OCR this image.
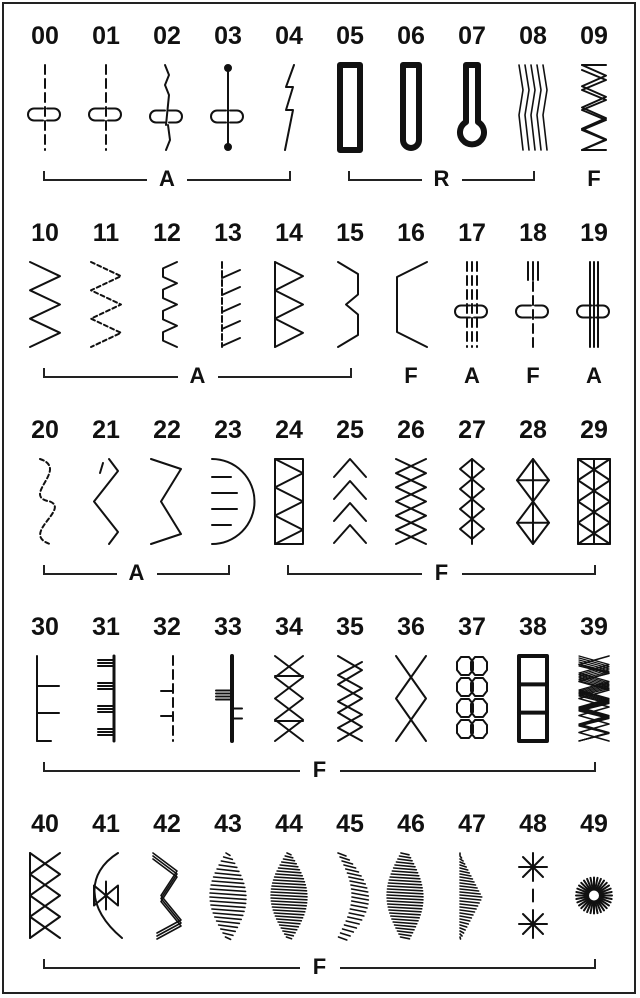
00	01	02	03	04	05	06	07	08	09
A	R	F
10	11	12	13	14	15	16	17	18	19
A	F	A	F	A
20	21	22	23	24	25	26	27	28	29
A	F
30	31	32	33	34	35	36	37	38	39
F
40	41	42	43	44	45	46	47	48	49
F
